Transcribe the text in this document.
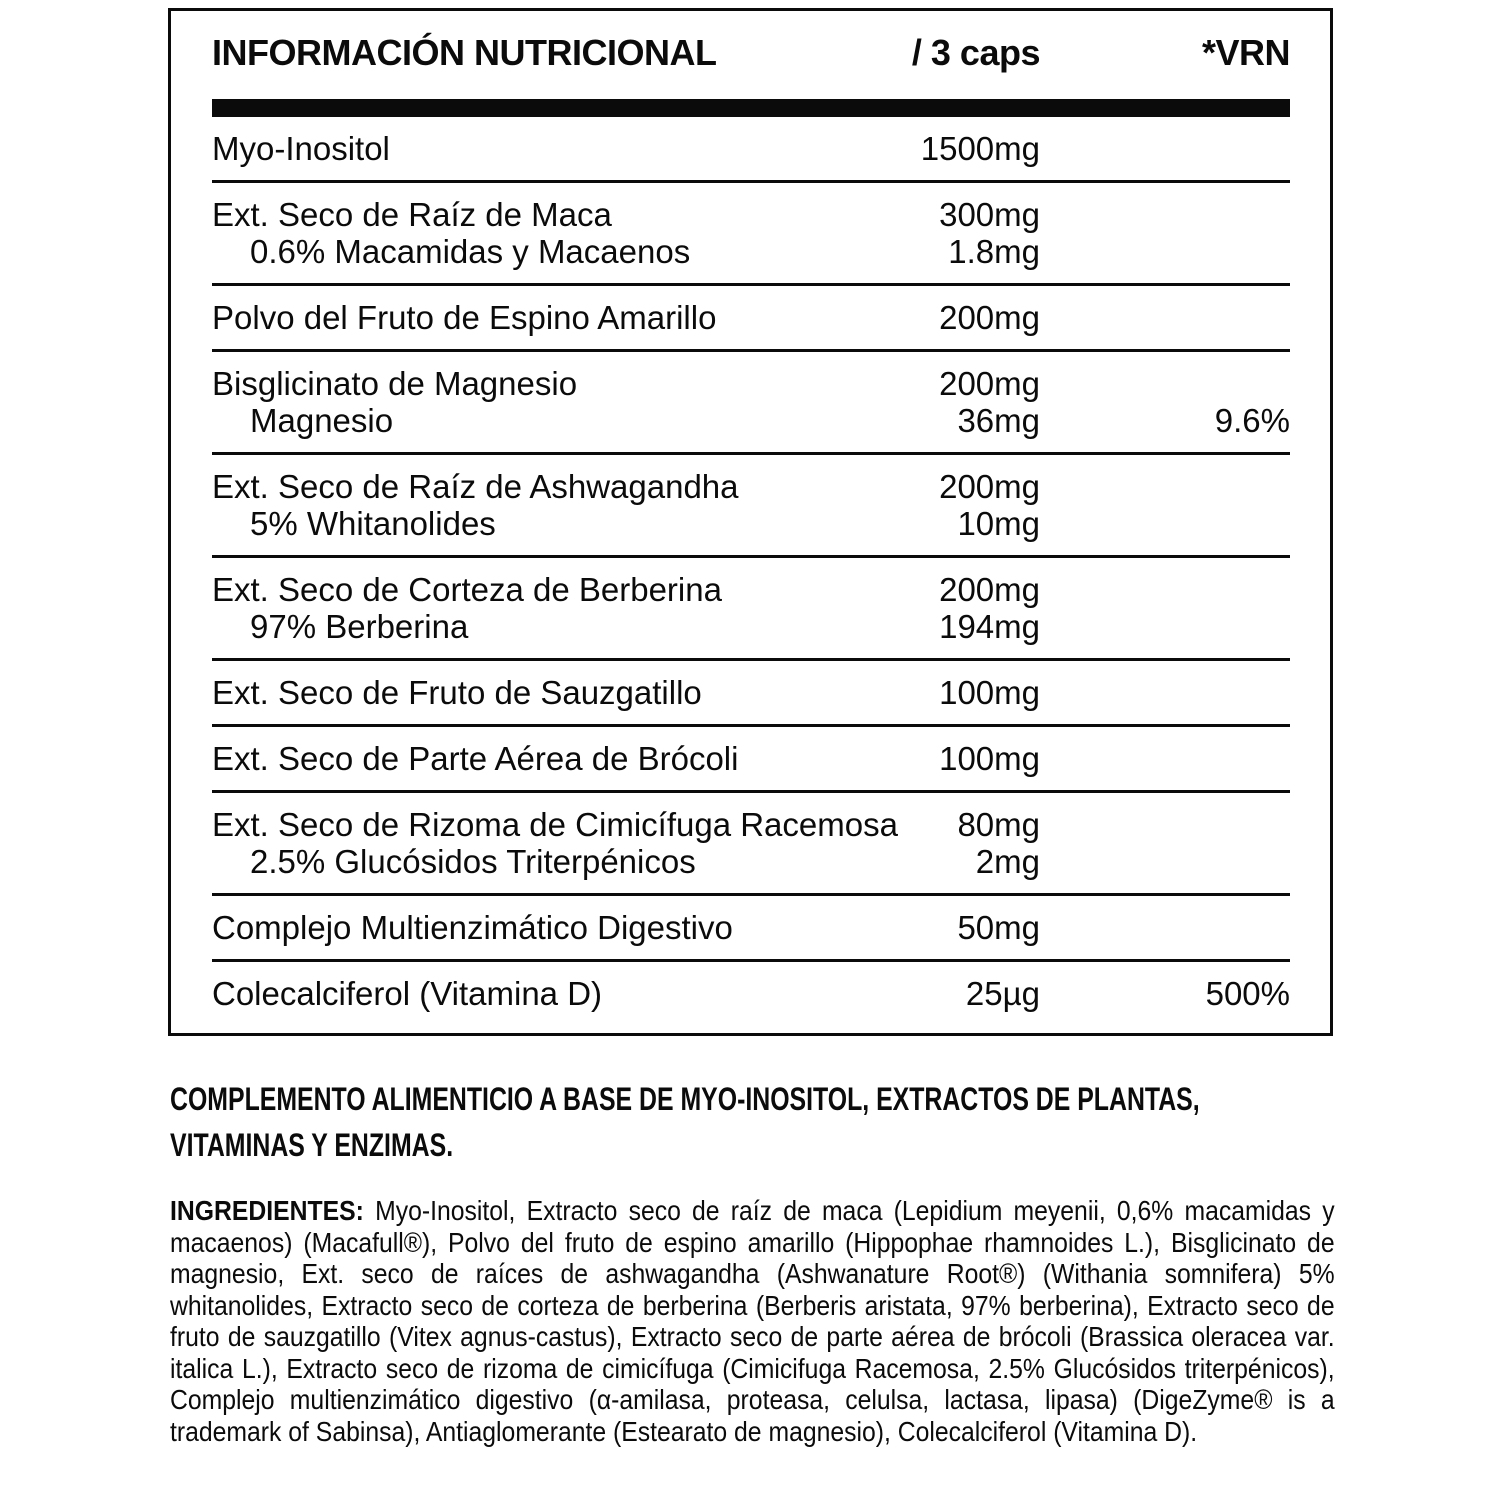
INFORMACIÓN NUTRICIONAL	/ 3 caps	*VRN
Myo-Inositol	1500mg
Ext. Seco de Raíz de Maca	300mg
0.6% Macamidas y Macaenos	1.8mg
Polvo del Fruto de Espino Amarillo	200mg
Bisglicinato de Magnesio	200mg
Magnesio	36mg	9.6%
Ext. Seco de Raíz de Ashwagandha	200mg
5% Whitanolides	10mg
Ext. Seco de Corteza de Berberina	200mg
97% Berberina	194mg
Ext. Seco de Fruto de Sauzgatillo	100mg
Ext. Seco de Parte Aérea de Brócoli	100mg
Ext. Seco de Rizoma de Cimicífuga Racemosa	80mg
2.5% Glucósidos Triterpénicos	2mg
Complejo Multienzimático Digestivo	50mg
Colecalciferol (Vitamina D)	25µg	500%

COMPLEMENTO ALIMENTICIO A BASE DE MYO-INOSITOL, EXTRACTOS DE PLANTAS, VITAMINAS Y ENZIMAS.

INGREDIENTES: Myo-Inositol, Extracto seco de raíz de maca (Lepidium meyenii, 0,6% macamidas y macaenos) (Macafull®), Polvo del fruto de espino amarillo (Hippophae rhamnoides L.), Bisglicinato de magnesio, Ext. seco de raíces de ashwagandha (Ashwanature Root®) (Withania somnifera) 5% whitanolides, Extracto seco de corteza de berberina (Berberis aristata, 97% berberina), Extracto seco de fruto de sauzgatillo (Vitex agnus-castus), Extracto seco de parte aérea de brócoli (Brassica oleracea var. italica L.), Extracto seco de rizoma de cimicífuga (Cimicifuga Racemosa, 2.5% Glucósidos triterpénicos), Complejo multienzimático digestivo (α-amilasa, proteasa, celulsa, lactasa, lipasa) (DigeZyme® is a trademark of Sabinsa), Antiaglomerante (Estearato de magnesio), Colecalciferol (Vitamina D).
